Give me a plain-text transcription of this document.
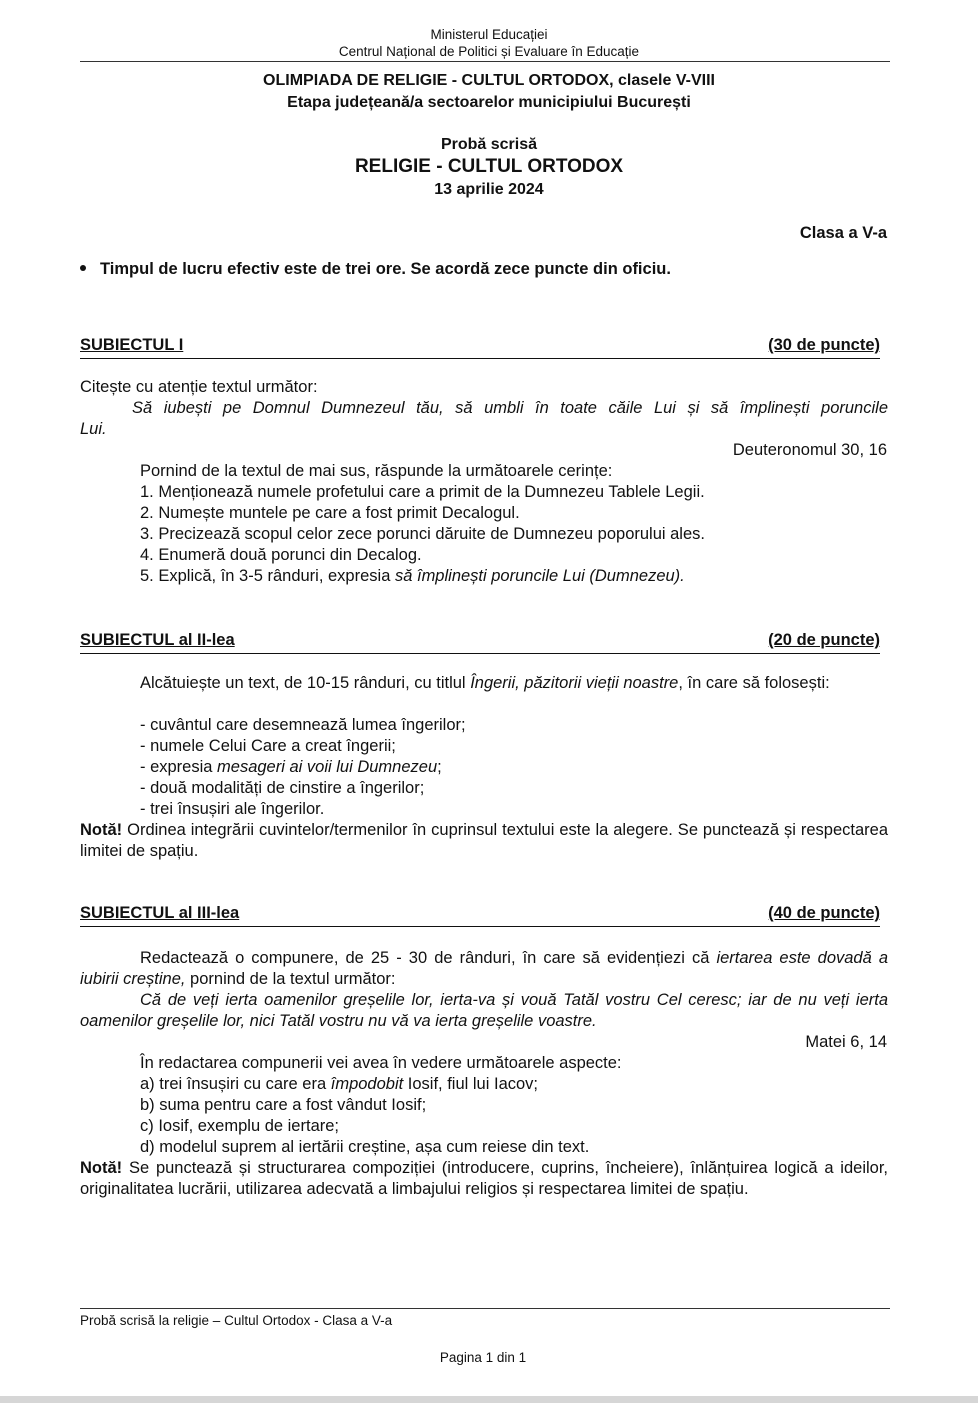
Ministerul Educației
Centrul Național de Politici și Evaluare în Educație
OLIMPIADA DE RELIGIE - CULTUL ORTODOX, clasele V-VIII
Etapa județeană/a sectoarelor municipiului București
Probă scrisă
RELIGIE - CULTUL ORTODOX
13 aprilie 2024
Clasa a V-a
Timpul de lucru efectiv este de trei ore. Se acordă zece puncte din oficiu.
SUBIECTUL I	(30 de puncte)
Citește cu atenție textul următor:
Să iubești pe Domnul Dumnezeul tău, să umbli în toate căile Lui și să împlinești poruncile
Lui.
Deuteronomul 30, 16
Pornind de la textul de mai sus, răspunde la următoarele cerințe:
1. Menționează numele profetului care a primit de la Dumnezeu Tablele Legii.
2. Numește muntele pe care a fost primit Decalogul.
3. Precizează scopul celor zece porunci dăruite de Dumnezeu poporului ales.
4. Enumeră două porunci din Decalog.
5. Explică, în 3-5 rânduri, expresia să împlinești poruncile Lui (Dumnezeu).
SUBIECTUL al II-lea	(20 de puncte)
Alcătuiește un text, de 10-15 rânduri, cu titlul Îngerii, păzitorii vieții noastre, în care să folosești:
- cuvântul care desemnează lumea îngerilor;
- numele Celui Care a creat îngerii;
- expresia mesageri ai voii lui Dumnezeu;
- două modalități de cinstire a îngerilor;
- trei însușiri ale îngerilor.
Notă! Ordinea integrării cuvintelor/termenilor în cuprinsul textului este la alegere. Se punctează și respectarea limitei de spațiu.
SUBIECTUL al III-lea	(40 de puncte)
Redactează o compunere, de 25 - 30 de rânduri, în care să evidențiezi că iertarea este dovadă a iubirii creștine, pornind de la textul următor:
Că de veți ierta oamenilor greșelile lor, ierta-va și vouă Tatăl vostru Cel ceresc; iar de nu veți ierta oamenilor greșelile lor, nici Tatăl vostru nu vă va ierta greșelile voastre.
Matei 6, 14
În redactarea compunerii vei avea în vedere următoarele aspecte:
a) trei însușiri cu care era împodobit Iosif, fiul lui Iacov;
b) suma pentru care a fost vândut Iosif;
c) Iosif, exemplu de iertare;
d) modelul suprem al iertării creștine, așa cum reiese din text.
Notă! Se punctează și structurarea compoziției (introducere, cuprins, încheiere), înlănțuirea logică a ideilor, originalitatea lucrării, utilizarea adecvată a limbajului religios și respectarea limitei de spațiu.
Probă scrisă la religie – Cultul Ortodox - Clasa a V-a
Pagina 1 din 1
